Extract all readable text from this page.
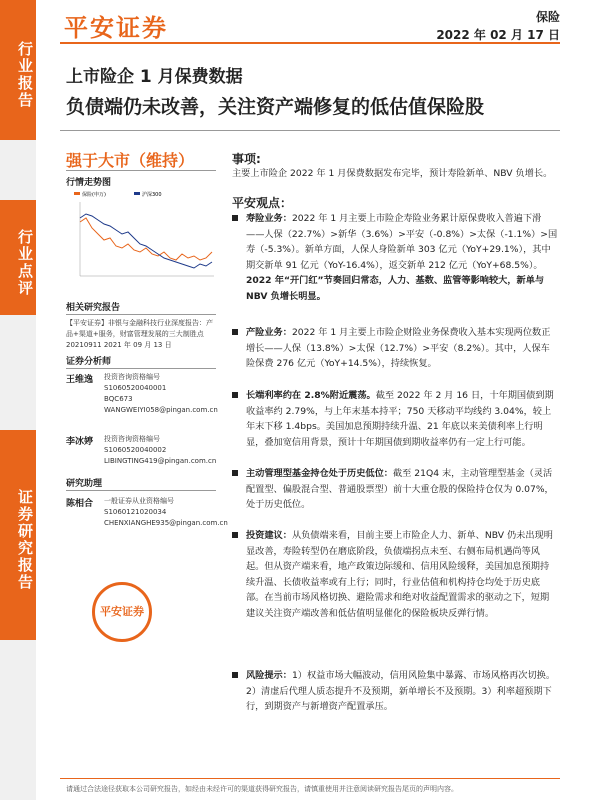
行业报告
行业点评
证券研究报告
平安证券	保险
2022 年 02 月 17 日
上市险企 1 月保费数据
负债端仍未改善，关注资产端修复的低估值保险股
强于大市（维持）
行情走势图
保险(申万)	沪深300
相关研究报告
【平安证券】非银与金融科技行业深度报告：产品+渠道+服务，财富管理发展的三大制胜点 20210911 2021 年 09 月 13 日
证券分析师
王维逸 投资咨询资格编号
S1060520040001
BQC673
WANGWEIYI058@pingan.com.cn
李冰婷 投资咨询资格编号
S1060520040002
LIBINGTING419@pingan.com.cn
研究助理
陈相合 一般证券从业资格编号
S1060121020034
CHENXIANGHE935@pingan.com.cn
平安证券
事项:
主要上市险企 2022 年 1 月保费数据发布完毕，预计寿险新单、NBV 负增长。
平安观点：
寿险业务：2022 年 1 月主要上市险企寿险业务累计原保费收入普遍下滑——人保（22.7%）>新华（3.6%）>平安（-0.8%）>太保（-1.1%）>国寿（-5.3%）。新单方面，人保人身险新单 303 亿元（YoY+29.1%），其中期交新单 91 亿元（YoY-16.4%），返交新单 212 亿元（YoY+68.5%）。2022 年“开门红”节奏回归常态，人力、基数、监管等影响较大，新单与 NBV 负增长明显。
产险业务：2022 年 1 月主要上市险企财险业务保费收入基本实现两位数正增长——人保（13.8%）>太保（12.7%）>平安（8.2%）。其中，人保车险保费 276 亿元（YoY+14.5%），持续恢复。
长端利率约在 2.8%附近震荡。截至 2022 年 2 月 16 日，十年期国债到期收益率约 2.79%，与上年末基本持平；750 天移动平均线约 3.04%，较上年末下移 1.4bps。美国加息预期持续升温、21 年底以来美债利率上行明显，叠加宽信用背景，预计十年期国债到期收益率仍有一定上行可能。
主动管理型基金持仓处于历史低位：截至 21Q4 末，主动管理型基金（灵活配置型、偏股混合型、普通股票型）前十大重仓股的保险持仓仅为 0.07%，处于历史低位。
投资建议：从负债端来看，目前主要上市险企人力、新单、NBV 仍未出现明显改善，寿险转型仍在磨底阶段，负债端拐点未至、右侧布局机遇尚等风起。但从资产端来看，地产政策边际缓和、信用风险缓释，美国加息预期持续升温、长债收益率或有上行；同时，行业估值和机构持仓均处于历史底部。在当前市场风格切换、避险需求和绝对收益配置需求的驱动之下，短期建议关注资产端改善和低估值明显催化的保险板块反弹行情。
风险提示：1）权益市场大幅波动，信用风险集中暴露、市场风格再次切换。2）清虚后代理人质态提升不及预期，新单增长不及预期。3）利率超预期下行，到期资产与新增资产配置承压。
请通过合法途径获取本公司研究报告，如经由未经许可的渠道获得研究报告，请慎重使用并注意阅读研究报告尾页的声明内容。
